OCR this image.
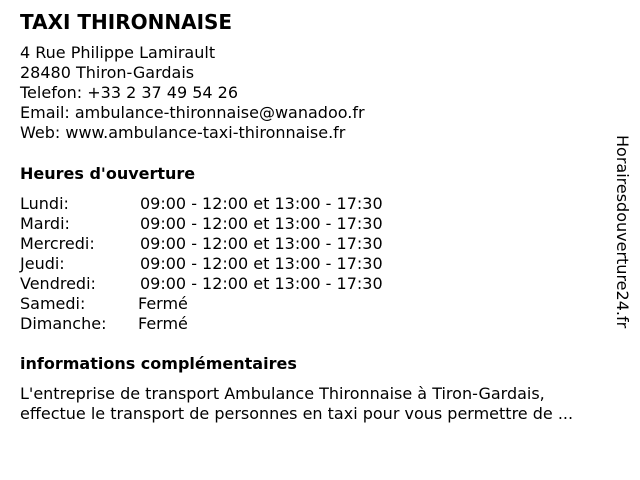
TAXI THIRONNAISE
4 Rue Philippe Lamirault
28480 Thiron-Gardais
Telefon: +33 2 37 49 54 26
Email: ambulance-thironnaise@wanadoo.fr
Web: www.ambulance-taxi-thironnaise.fr
Heures d'ouverture
Lundi:	09:00 - 12:00 et 13:00 - 17:30
Mardi:	09:00 - 12:00 et 13:00 - 17:30
Mercredi:	09:00 - 12:00 et 13:00 - 17:30
Jeudi:	09:00 - 12:00 et 13:00 - 17:30
Vendredi:	09:00 - 12:00 et 13:00 - 17:30
Samedi:	Fermé
Dimanche:	Fermé
informations complémentaires
L'entreprise de transport Ambulance Thironnaise à Tiron-Gardais,
effectue le transport de personnes en taxi pour vous permettre de ...
Horairesdouverture24.fr
